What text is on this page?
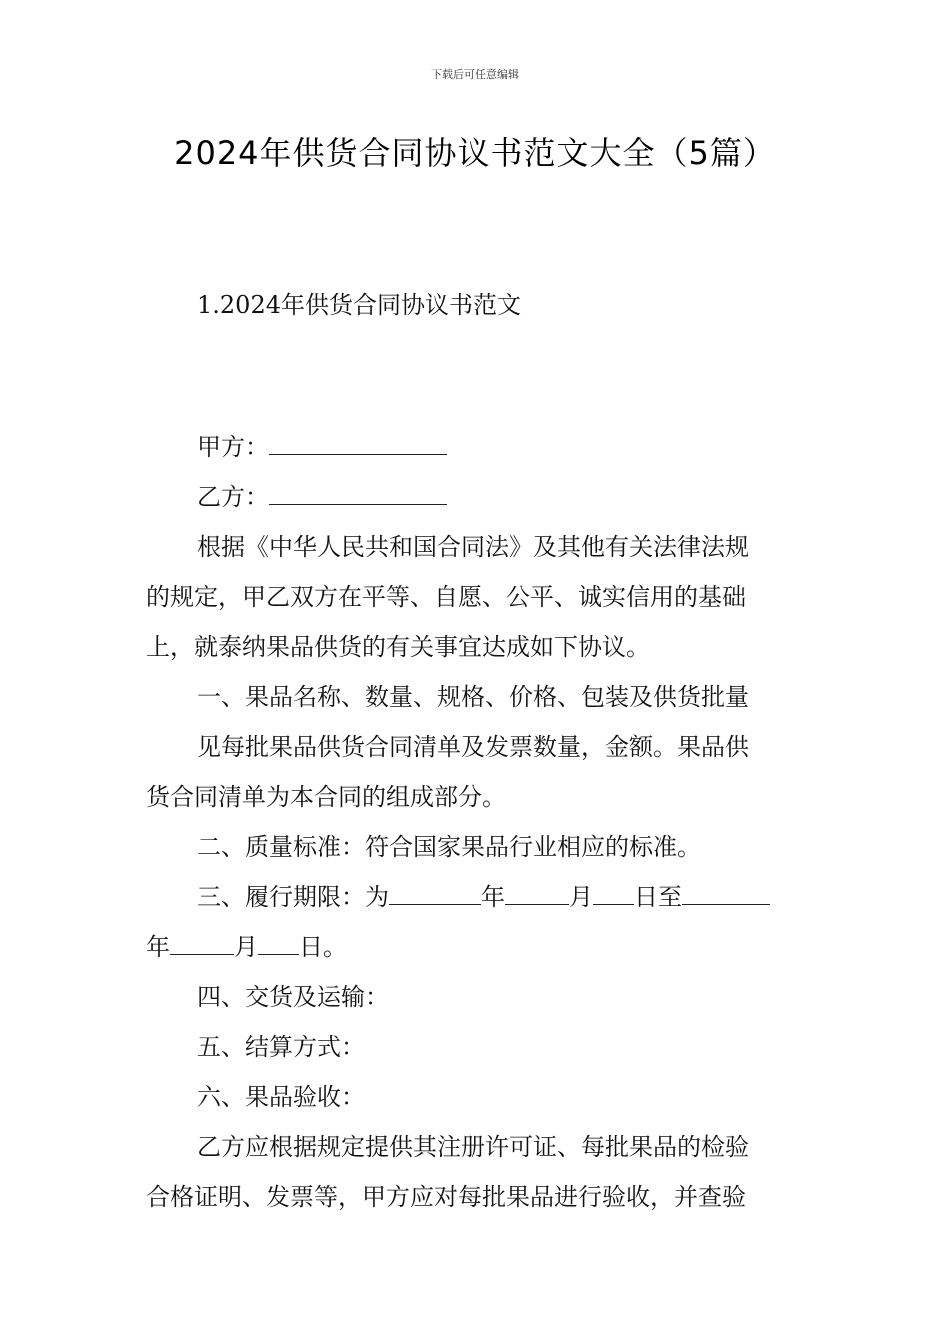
下载后可任意编辑
2024年供货合同协议书范文大全（5篇）
1.2024年供货合同协议书范文

甲方：

乙方：

根据《中华人民共和国合同法》及其他有关法律法规

的规定，甲乙双方在平等、自愿、公平、诚实信用的基础

上，就泰纳果品供货的有关事宜达成如下协议。

一、果品名称、数量、规格、价格、包装及供货批量

见每批果品供货合同清单及发票数量，金额。果品供

货合同清单为本合同的组成部分。

二、质量标准：符合国家果品行业相应的标准。

三、履行期限：为	年	月 日至

年	月 日。

四、交货及运输：

五、结算方式：

六、果品验收：

乙方应根据规定提供其注册许可证、每批果品的检验

合格证明、发票等，甲方应对每批果品进行验收，并查验
